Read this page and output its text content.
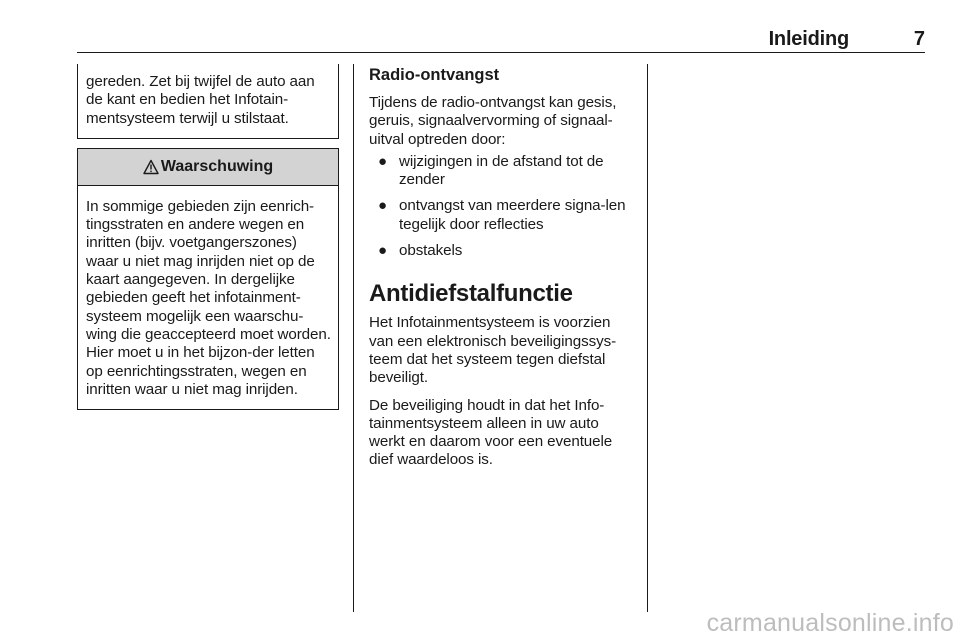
Inleiding	7

gereden. Zet bij twijfel de auto aan de kant en bedien het Infotain-mentsysteem terwijl u stilstaat.

Waarschuwing

In sommige gebieden zijn eenrich-tingsstraten en andere wegen en inritten (bijv. voetgangerszones) waar u niet mag inrijden niet op de kaart aangegeven. In dergelijke gebieden geeft het infotainment-systeem mogelijk een waarschu-wing die geaccepteerd moet worden. Hier moet u in het bijzon-der letten op eenrichtingsstraten, wegen en inritten waar u niet mag inrijden.

Radio-ontvangst

Tijdens de radio-ontvangst kan gesis, geruis, signaalvervorming of signaal-uitval optreden door:

● wijzigingen in de afstand tot de zender
● ontvangst van meerdere signa-len tegelijk door reflecties
● obstakels
Antidiefstalfunctie

Het Infotainmentsysteem is voorzien van een elektronisch beveiligingssys-teem dat het systeem tegen diefstal beveiligt.

De beveiliging houdt in dat het Info-tainmentsysteem alleen in uw auto werkt en daarom voor een eventuele dief waardeloos is.

carmanualsonline.info
